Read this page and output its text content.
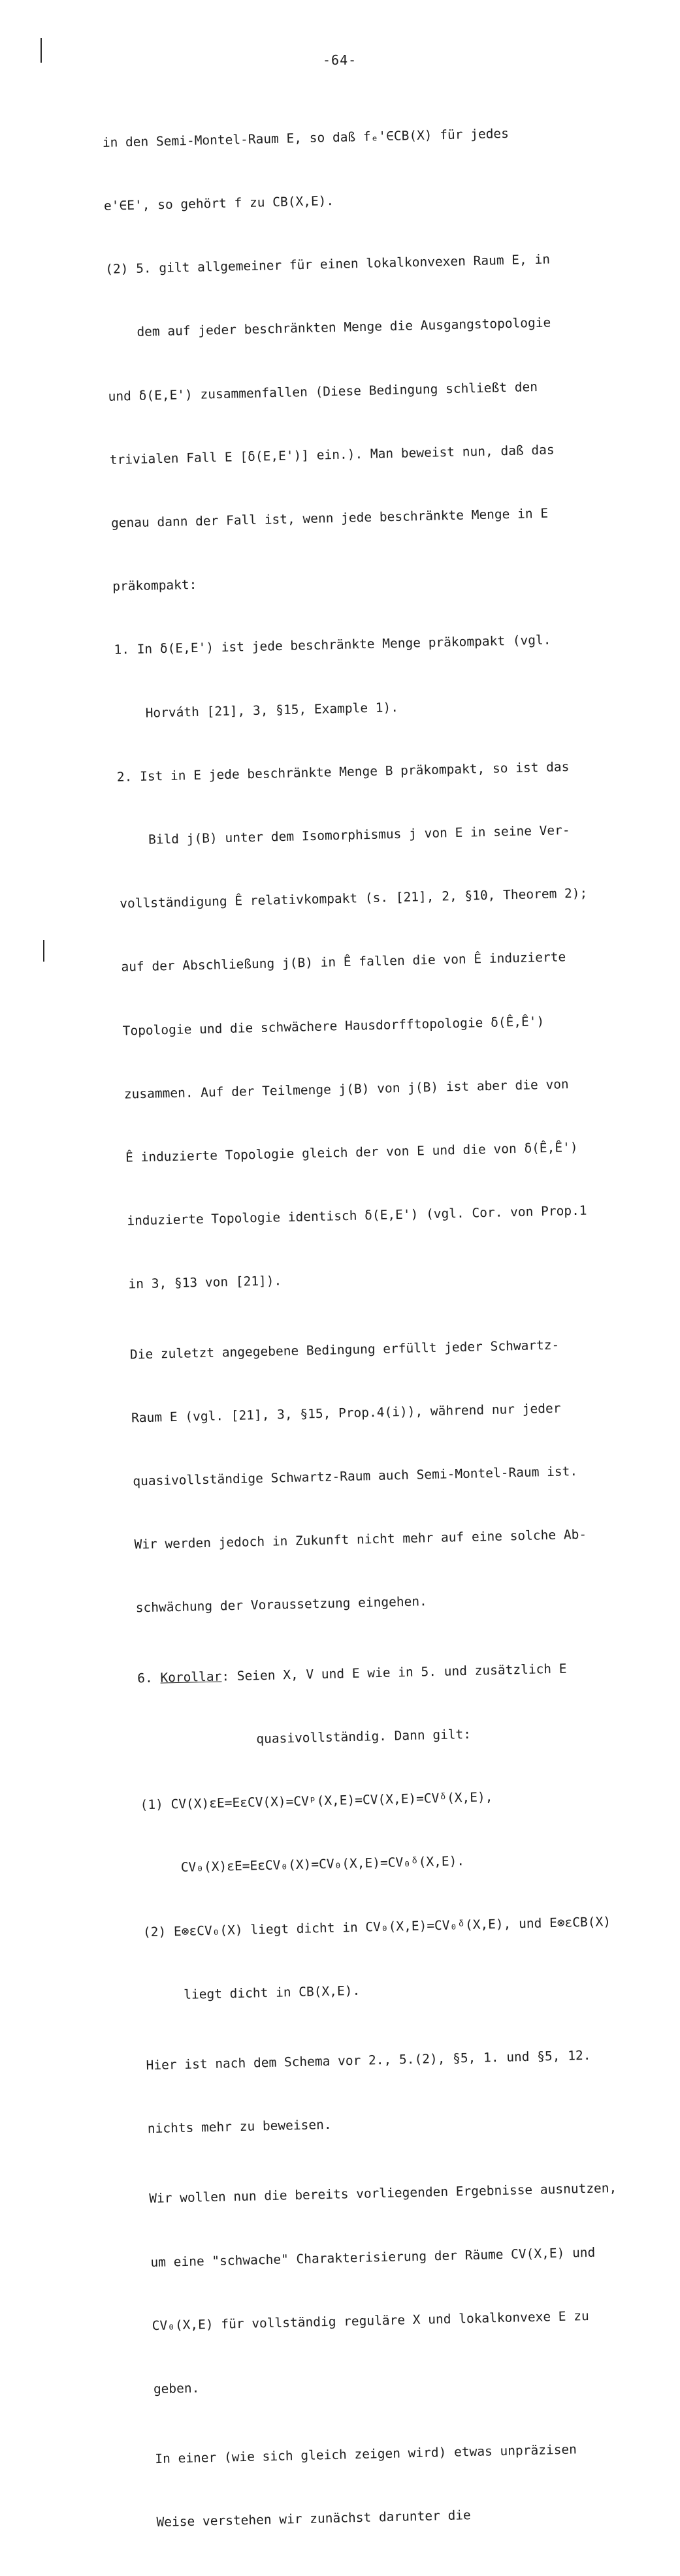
-64-

in den Semi-Montel-Raum E, so daß fₑ'∈CB(X) für jedes

e'∈E', so gehört f zu CB(X,E).

(2) 5. gilt allgemeiner für einen lokalkonvexen Raum E, in

dem auf jeder beschränkten Menge die Ausgangstopologie

und δ(E,E') zusammenfallen (Diese Bedingung schließt den

trivialen Fall E [δ(E,E')] ein.). Man beweist nun, daß das

genau dann der Fall ist, wenn jede beschränkte Menge in E

präkompakt:

1. In δ(E,E') ist jede beschränkte Menge präkompakt (vgl.

Horváth [21], 3, §15, Example 1).

2. Ist in E jede beschränkte Menge B präkompakt, so ist das

Bild j(B) unter dem Isomorphismus j von E in seine Ver-

vollständigung Ê relativkompakt (s. [21], 2, §10, Theorem 2);

auf der Abschließung j(B) in Ê fallen die von Ê induzierte

Topologie und die schwächere Hausdorfftopologie δ(Ê,Ê')

zusammen. Auf der Teilmenge j(B) von j(B) ist aber die von

Ê induzierte Topologie gleich der von E und die von δ(Ê,Ê')

induzierte Topologie identisch δ(E,E') (vgl. Cor. von Prop.1

in 3, §13 von [21]).

Die zuletzt angegebene Bedingung erfüllt jeder Schwartz-

Raum E (vgl. [21], 3, §15, Prop.4(i)), während nur jeder

quasivollständige Schwartz-Raum auch Semi-Montel-Raum ist.

Wir werden jedoch in Zukunft nicht mehr auf eine solche Ab-

schwächung der Voraussetzung eingehen.

6. Korollar: Seien X, V und E wie in 5. und zusätzlich E

quasivollständig. Dann gilt:

(1) CV(X)εE=EεCV(X)=CVᵖ(X,E)=CV(X,E)=CVᵟ(X,E),

CV₀(X)εE=EεCV₀(X)=CV₀(X,E)=CV₀ᵟ(X,E).

(2) E⊗εCV₀(X) liegt dicht in CV₀(X,E)=CV₀ᵟ(X,E), und E⊗εCB(X)

liegt dicht in CB(X,E).

Hier ist nach dem Schema vor 2., 5.(2), §5, 1. und §5, 12.

nichts mehr zu beweisen.

Wir wollen nun die bereits vorliegenden Ergebnisse ausnutzen,

um eine "schwache" Charakterisierung der Räume CV(X,E) und

CV₀(X,E) für vollständig reguläre X und lokalkonvexe E zu

geben.

In einer (wie sich gleich zeigen wird) etwas unpräzisen

Weise verstehen wir zunächst darunter die
